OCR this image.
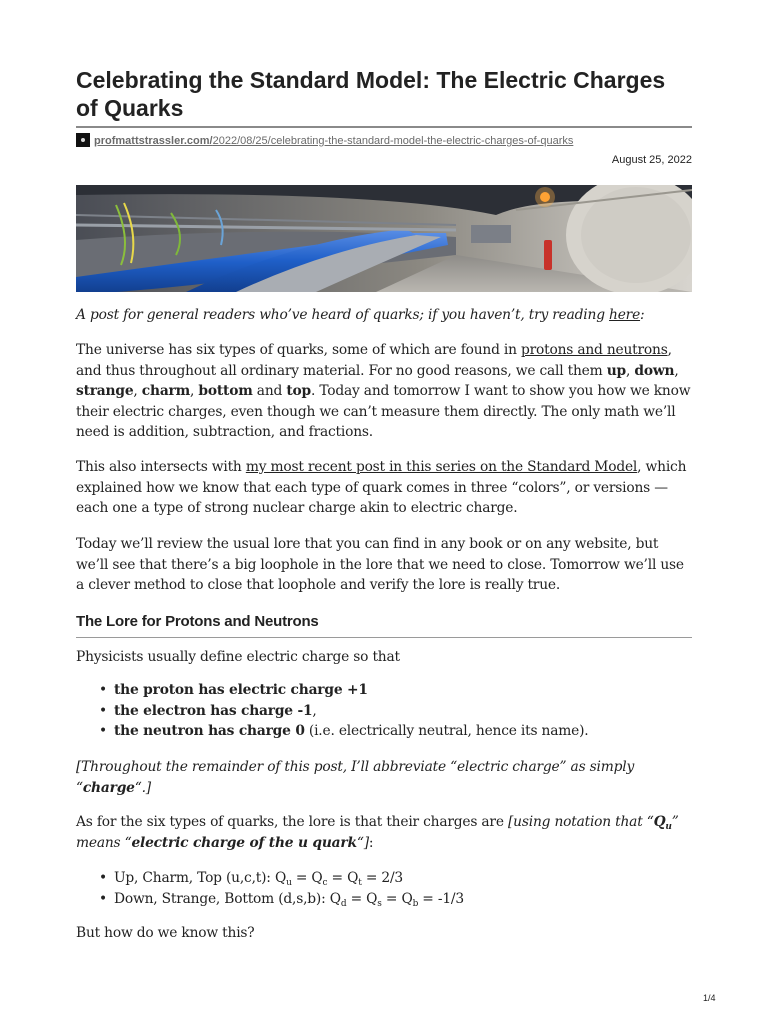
Celebrating the Standard Model: The Electric Charges of Quarks
profmattstrassler.com/2022/08/25/celebrating-the-standard-model-the-electric-charges-of-quarks
August 25, 2022

A post for general readers who’ve heard of quarks; if you haven’t, try reading here:

The universe has six types of quarks, some of which are found in protons and neutrons, and thus throughout all ordinary material. For no good reasons, we call them up, down, strange, charm, bottom and top. Today and tomorrow I want to show you how we know their electric charges, even though we can’t measure them directly. The only math we’ll need is addition, subtraction, and fractions.

This also intersects with my most recent post in this series on the Standard Model, which explained how we know that each type of quark comes in three “colors”, or versions — each one a type of strong nuclear charge akin to electric charge.

Today we’ll review the usual lore that you can find in any book or on any website, but we’ll see that there’s a big loophole in the lore that we need to close. Tomorrow we’ll use a clever method to close that loophole and verify the lore is really true.

The Lore for Protons and Neutrons

Physicists usually define electric charge so that

• the proton has electric charge +1
• the electron has charge -1,
• the neutron has charge 0 (i.e. electrically neutral, hence its name).

[Throughout the remainder of this post, I’ll abbreviate “electric charge” as simply “charge“.]

As for the six types of quarks, the lore is that their charges are [using notation that “$Q_u$” means “electric charge of the u quark“]:

• Up, Charm, Top (u,c,t): $Q_u = Q_c = Q_t = 2/3$
• Down, Strange, Bottom (d,s,b): $Q_d = Q_s = Q_b = -1/3$

But how do we know this?

1/4
